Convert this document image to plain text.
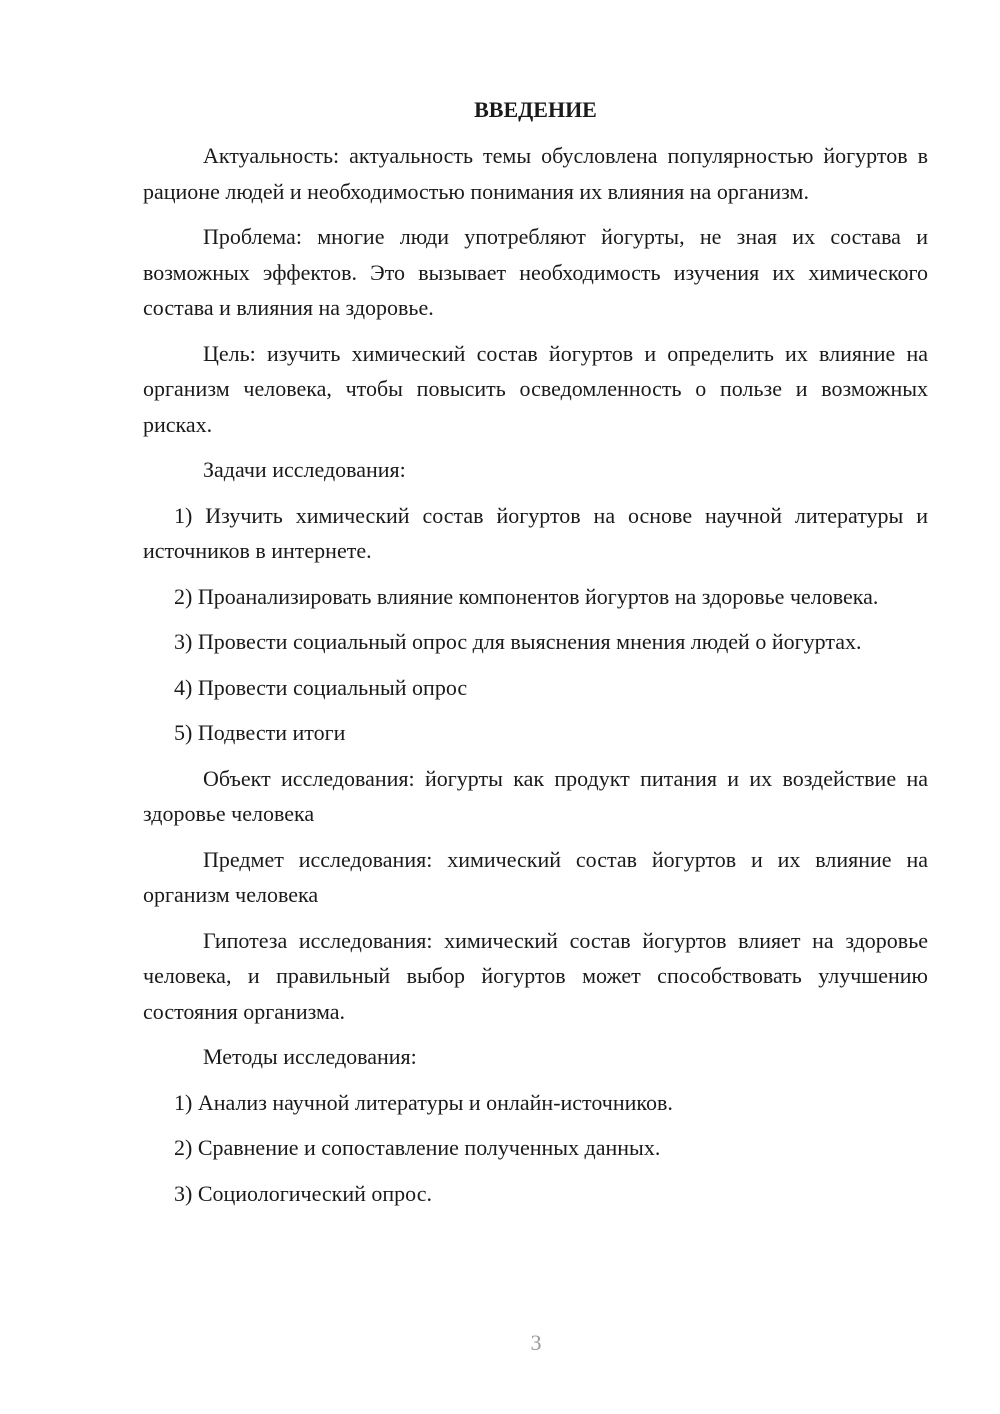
ВВЕДЕНИЕ
Актуальность: актуальность темы обусловлена популярностью йогуртов в рационе людей и необходимостью понимания их влияния на организм.
Проблема: многие люди употребляют йогурты, не зная их состава и возможных эффектов. Это вызывает необходимость изучения их химического состава и влияния на здоровье.
Цель: изучить химический состав йогуртов и определить их влияние на организм человека, чтобы повысить осведомленность о пользе и возможных рисках.
Задачи исследования:
1) Изучить химический состав йогуртов на основе научной литературы и источников в интернете.
2) Проанализировать влияние компонентов йогуртов на здоровье человека.
3) Провести социальный опрос для выяснения мнения людей о йогуртах.
4) Провести социальный опрос
5) Подвести итоги
Объект исследования: йогурты как продукт питания и их воздействие на здоровье человека
Предмет исследования: химический состав йогуртов и их влияние на организм человека
Гипотеза исследования: химический состав йогуртов влияет на здоровье человека, и правильный выбор йогуртов может способствовать улучшению состояния организма.
Методы исследования:
1) Анализ научной литературы и онлайн-источников.
2) Сравнение и сопоставление полученных данных.
3) Социологический опрос.
3
